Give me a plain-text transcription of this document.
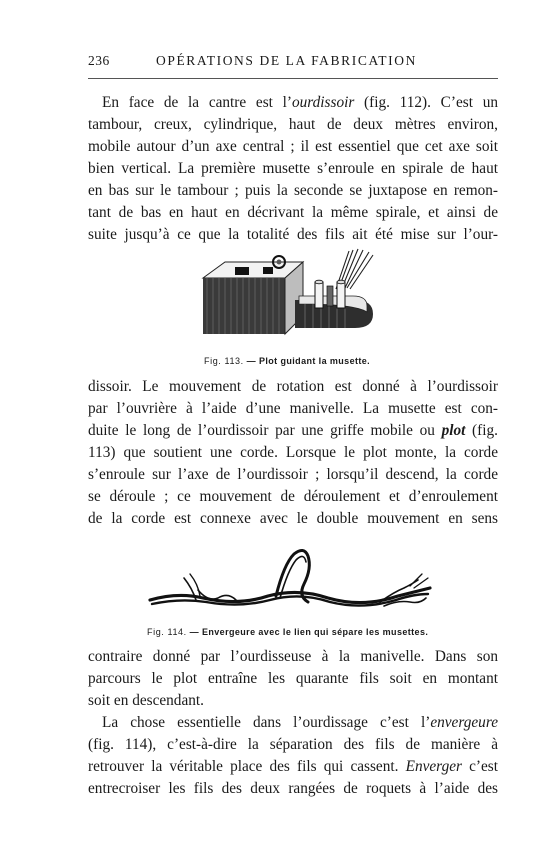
236	OPÉRATIONS DE LA FABRICATION

En face de la cantre est l’ourdissoir (fig. 112). C’est un
tambour, creux, cylindrique, haut de deux mètres environ,
mobile autour d’un axe central ; il est essentiel que cet axe soit
bien vertical. La première musette s’enroule en spirale de haut
en bas sur le tambour ; puis la seconde se juxtapose en remon-
tant de bas en haut en décrivant la même spirale, et ainsi de
suite jusqu’à ce que la totalité des fils ait été mise sur l’our-

Fig. 113. — Plot guidant la musette.

dissoir. Le mouvement de rotation est donné à l’ourdissoir
par l’ouvrière à l’aide d’une manivelle. La musette est con-
duite le long de l’ourdissoir par une griffe mobile ou plot (fig.
113) que soutient une corde. Lorsque le plot monte, la corde
s’enroule sur l’axe de l’ourdissoir ; lorsqu’il descend, la corde
se déroule ; ce mouvement de déroulement et d’enroulement
de la corde est connexe avec le double mouvement en sens

Fig. 114. — Envergeure avec le lien qui sépare les musettes.

contraire donné par l’ourdisseuse à la manivelle. Dans son
parcours le plot entraîne les quarante fils soit en montant
soit en descendant.

La chose essentielle dans l’ourdissage c’est l’envergeure
(fig. 114), c’est-à-dire la séparation des fils de manière à
retrouver la véritable place des fils qui cassent. Enverger c’est
entrecroiser les fils des deux rangées de roquets à l’aide des
